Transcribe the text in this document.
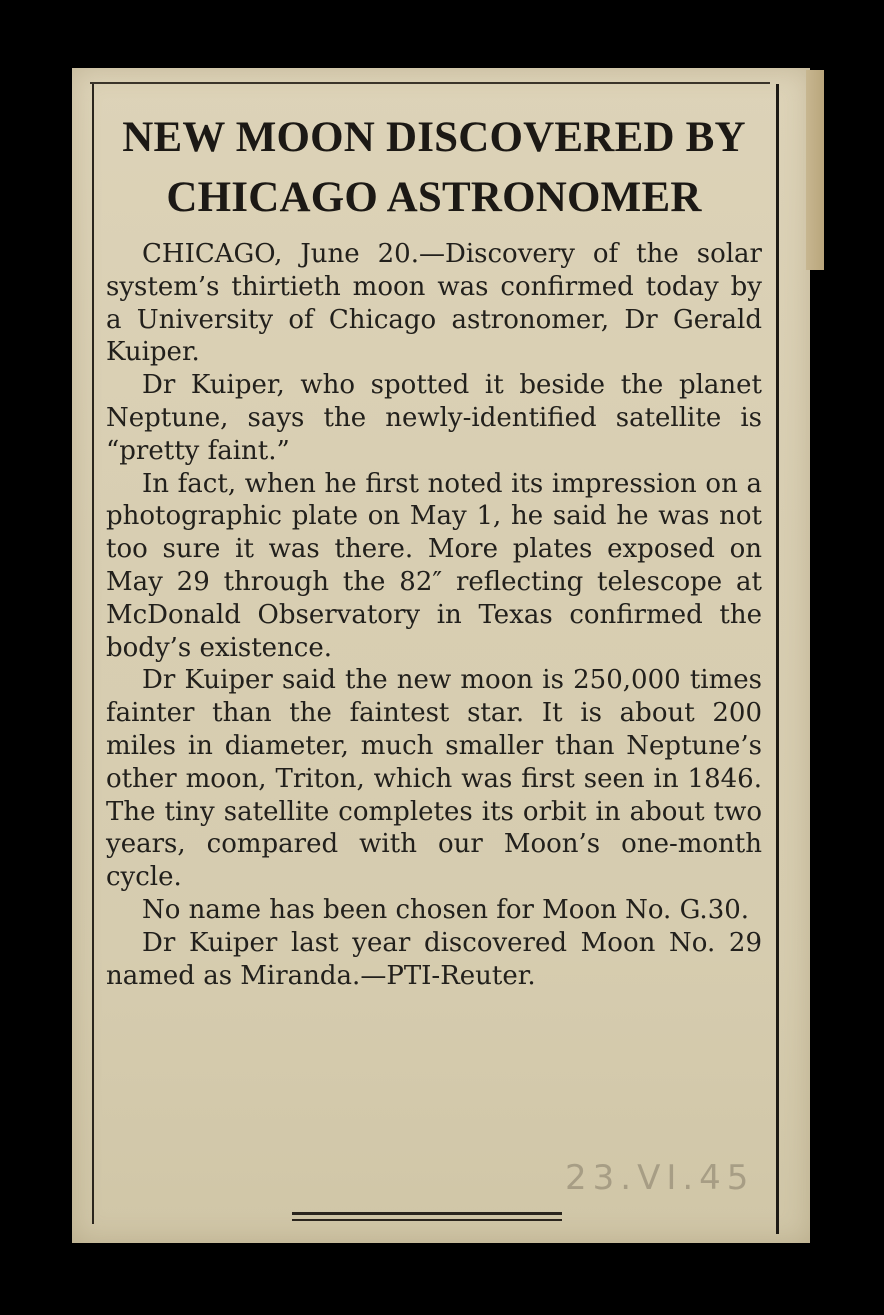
NEW MOON DISCOVERED BY
CHICAGO ASTRONOMER

CHICAGO, June 20.—Discovery of the solar system’s thirtieth moon was confirmed today by a University of Chicago astronomer, Dr Gerald Kuiper.

Dr Kuiper, who spotted it beside the planet Neptune, says the newly-identified satellite is “pretty faint.”

In fact, when he first noted its impression on a photographic plate on May 1, he said he was not too sure it was there. More plates exposed on May 29 through the 82″ reflecting telescope at McDonald Observatory in Texas confirmed the body’s existence.

Dr Kuiper said the new moon is 250,000 times fainter than the faintest star. It is about 200 miles in diameter, much smaller than Neptune’s other moon, Triton, which was first seen in 1846. The tiny satellite completes its orbit in about two years, compared with our Moon’s one-month cycle.

No name has been chosen for Moon No. G.30.

Dr Kuiper last year discovered Moon No. 29 named as Miranda.—PTI-Reuter.

23.VI.45
